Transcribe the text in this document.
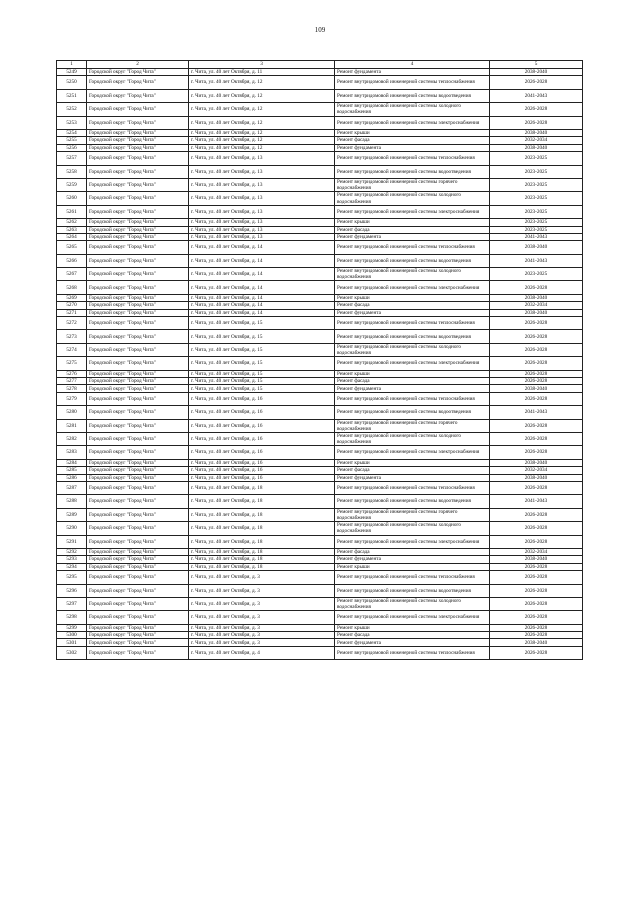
109
1	2	3	4	5
5249	Городской округ "Город Чита"	г. Чита, ул. 40 лет Октября, д. 11	Ремонт фундамента	2038-2040
5250	Городской округ "Город Чита"	г. Чита, ул. 40 лет Октября, д. 12	Ремонт внутридомовой инженерной системы теплоснабжения	2026-2028
5251	Городской округ "Город Чита"	г. Чита, ул. 40 лет Октября, д. 12	Ремонт внутридомовой инженерной системы водоотведения	2041-2043
5252	Городской округ "Город Чита"	г. Чита, ул. 40 лет Октября, д. 12	Ремонт внутридомовой инженерной системы холодного водоснабжения	2026-2028
5253	Городской округ "Город Чита"	г. Чита, ул. 40 лет Октября, д. 12	Ремонт внутридомовой инженерной системы электроснабжения	2026-2028
5254	Городской округ "Город Чита"	г. Чита, ул. 40 лет Октября, д. 12	Ремонт крыши	2038-2040
5255	Городской округ "Город Чита"	г. Чита, ул. 40 лет Октября, д. 12	Ремонт фасада	2032-2034
5256	Городской округ "Город Чита"	г. Чита, ул. 40 лет Октября, д. 12	Ремонт фундамента	2038-2040
5257	Городской округ "Город Чита"	г. Чита, ул. 40 лет Октября, д. 13	Ремонт внутридомовой инженерной системы теплоснабжения	2023-2025
5258	Городской округ "Город Чита"	г. Чита, ул. 40 лет Октября, д. 13	Ремонт внутридомовой инженерной системы водоотведения	2023-2025
5259	Городской округ "Город Чита"	г. Чита, ул. 40 лет Октября, д. 13	Ремонт внутридомовой инженерной системы горячего водоснабжения	2023-2025
5260	Городской округ "Город Чита"	г. Чита, ул. 40 лет Октября, д. 13	Ремонт внутридомовой инженерной системы холодного водоснабжения	2023-2025
5261	Городской округ "Город Чита"	г. Чита, ул. 40 лет Октября, д. 13	Ремонт внутридомовой инженерной системы электроснабжения	2023-2025
5262	Городской округ "Город Чита"	г. Чита, ул. 40 лет Октября, д. 13	Ремонт крыши	2023-2025
5263	Городской округ "Город Чита"	г. Чита, ул. 40 лет Октября, д. 13	Ремонт фасада	2023-2025
5264	Городской округ "Город Чита"	г. Чита, ул. 40 лет Октября, д. 13	Ремонт фундамента	2041-2043
5265	Городской округ "Город Чита"	г. Чита, ул. 40 лет Октября, д. 14	Ремонт внутридомовой инженерной системы теплоснабжения	2038-2040
5266	Городской округ "Город Чита"	г. Чита, ул. 40 лет Октября, д. 14	Ремонт внутридомовой инженерной системы водоотведения	2041-2043
5267	Городской округ "Город Чита"	г. Чита, ул. 40 лет Октября, д. 14	Ремонт внутридомовой инженерной системы холодного водоснабжения	2023-2025
5268	Городской округ "Город Чита"	г. Чита, ул. 40 лет Октября, д. 14	Ремонт внутридомовой инженерной системы электроснабжения	2026-2028
5269	Городской округ "Город Чита"	г. Чита, ул. 40 лет Октября, д. 14	Ремонт крыши	2038-2040
5270	Городской округ "Город Чита"	г. Чита, ул. 40 лет Октября, д. 14	Ремонт фасада	2032-2034
5271	Городской округ "Город Чита"	г. Чита, ул. 40 лет Октября, д. 14	Ремонт фундамента	2038-2040
5272	Городской округ "Город Чита"	г. Чита, ул. 40 лет Октября, д. 15	Ремонт внутридомовой инженерной системы теплоснабжения	2026-2028
5273	Городской округ "Город Чита"	г. Чита, ул. 40 лет Октября, д. 15	Ремонт внутридомовой инженерной системы водоотведения	2026-2028
5274	Городской округ "Город Чита"	г. Чита, ул. 40 лет Октября, д. 15	Ремонт внутридомовой инженерной системы холодного водоснабжения	2026-2028
5275	Городской округ "Город Чита"	г. Чита, ул. 40 лет Октября, д. 15	Ремонт внутридомовой инженерной системы электроснабжения	2026-2028
5276	Городской округ "Город Чита"	г. Чита, ул. 40 лет Октября, д. 15	Ремонт крыши	2026-2028
5277	Городской округ "Город Чита"	г. Чита, ул. 40 лет Октября, д. 15	Ремонт фасада	2026-2028
5278	Городской округ "Город Чита"	г. Чита, ул. 40 лет Октября, д. 15	Ремонт фундамента	2038-2040
5279	Городской округ "Город Чита"	г. Чита, ул. 40 лет Октября, д. 16	Ремонт внутридомовой инженерной системы теплоснабжения	2026-2028
5280	Городской округ "Город Чита"	г. Чита, ул. 40 лет Октября, д. 16	Ремонт внутридомовой инженерной системы водоотведения	2041-2043
5281	Городской округ "Город Чита"	г. Чита, ул. 40 лет Октября, д. 16	Ремонт внутридомовой инженерной системы горячего водоснабжения	2026-2028
5282	Городской округ "Город Чита"	г. Чита, ул. 40 лет Октября, д. 16	Ремонт внутридомовой инженерной системы холодного водоснабжения	2026-2028
5283	Городской округ "Город Чита"	г. Чита, ул. 40 лет Октября, д. 16	Ремонт внутридомовой инженерной системы электроснабжения	2026-2028
5284	Городской округ "Город Чита"	г. Чита, ул. 40 лет Октября, д. 16	Ремонт крыши	2038-2040
5285	Городской округ "Город Чита"	г. Чита, ул. 40 лет Октября, д. 16	Ремонт фасада	2032-2034
5286	Городской округ "Город Чита"	г. Чита, ул. 40 лет Октября, д. 16	Ремонт фундамента	2038-2040
5287	Городской округ "Город Чита"	г. Чита, ул. 40 лет Октября, д. 18	Ремонт внутридомовой инженерной системы теплоснабжения	2026-2028
5288	Городской округ "Город Чита"	г. Чита, ул. 40 лет Октября, д. 18	Ремонт внутридомовой инженерной системы водоотведения	2041-2043
5289	Городской округ "Город Чита"	г. Чита, ул. 40 лет Октября, д. 18	Ремонт внутридомовой инженерной системы горячего водоснабжения	2026-2028
5290	Городской округ "Город Чита"	г. Чита, ул. 40 лет Октября, д. 18	Ремонт внутридомовой инженерной системы холодного водоснабжения	2026-2028
5291	Городской округ "Город Чита"	г. Чита, ул. 40 лет Октября, д. 18	Ремонт внутридомовой инженерной системы электроснабжения	2026-2028
5292	Городской округ "Город Чита"	г. Чита, ул. 40 лет Октября, д. 18	Ремонт фасада	2032-2034
5293	Городской округ "Город Чита"	г. Чита, ул. 40 лет Октября, д. 18	Ремонт фундамента	2038-2040
5294	Городской округ "Город Чита"	г. Чита, ул. 40 лет Октября, д. 18	Ремонт крыши	2026-2028
5295	Городской округ "Город Чита"	г. Чита, ул. 40 лет Октября, д. 3	Ремонт внутридомовой инженерной системы теплоснабжения	2026-2028
5296	Городской округ "Город Чита"	г. Чита, ул. 40 лет Октября, д. 3	Ремонт внутридомовой инженерной системы водоотведения	2026-2028
5297	Городской округ "Город Чита"	г. Чита, ул. 40 лет Октября, д. 3	Ремонт внутридомовой инженерной системы холодного водоснабжения	2026-2028
5298	Городской округ "Город Чита"	г. Чита, ул. 40 лет Октября, д. 3	Ремонт внутридомовой инженерной системы электроснабжения	2026-2028
5299	Городской округ "Город Чита"	г. Чита, ул. 40 лет Октября, д. 3	Ремонт крыши	2026-2028
5300	Городской округ "Город Чита"	г. Чита, ул. 40 лет Октября, д. 3	Ремонт фасада	2026-2028
5301	Городской округ "Город Чита"	г. Чита, ул. 40 лет Октября, д. 3	Ремонт фундамента	2038-2040
5302	Городской округ "Город Чита"	г. Чита, ул. 40 лет Октября, д. 4	Ремонт внутридомовой инженерной системы теплоснабжения	2026-2028
